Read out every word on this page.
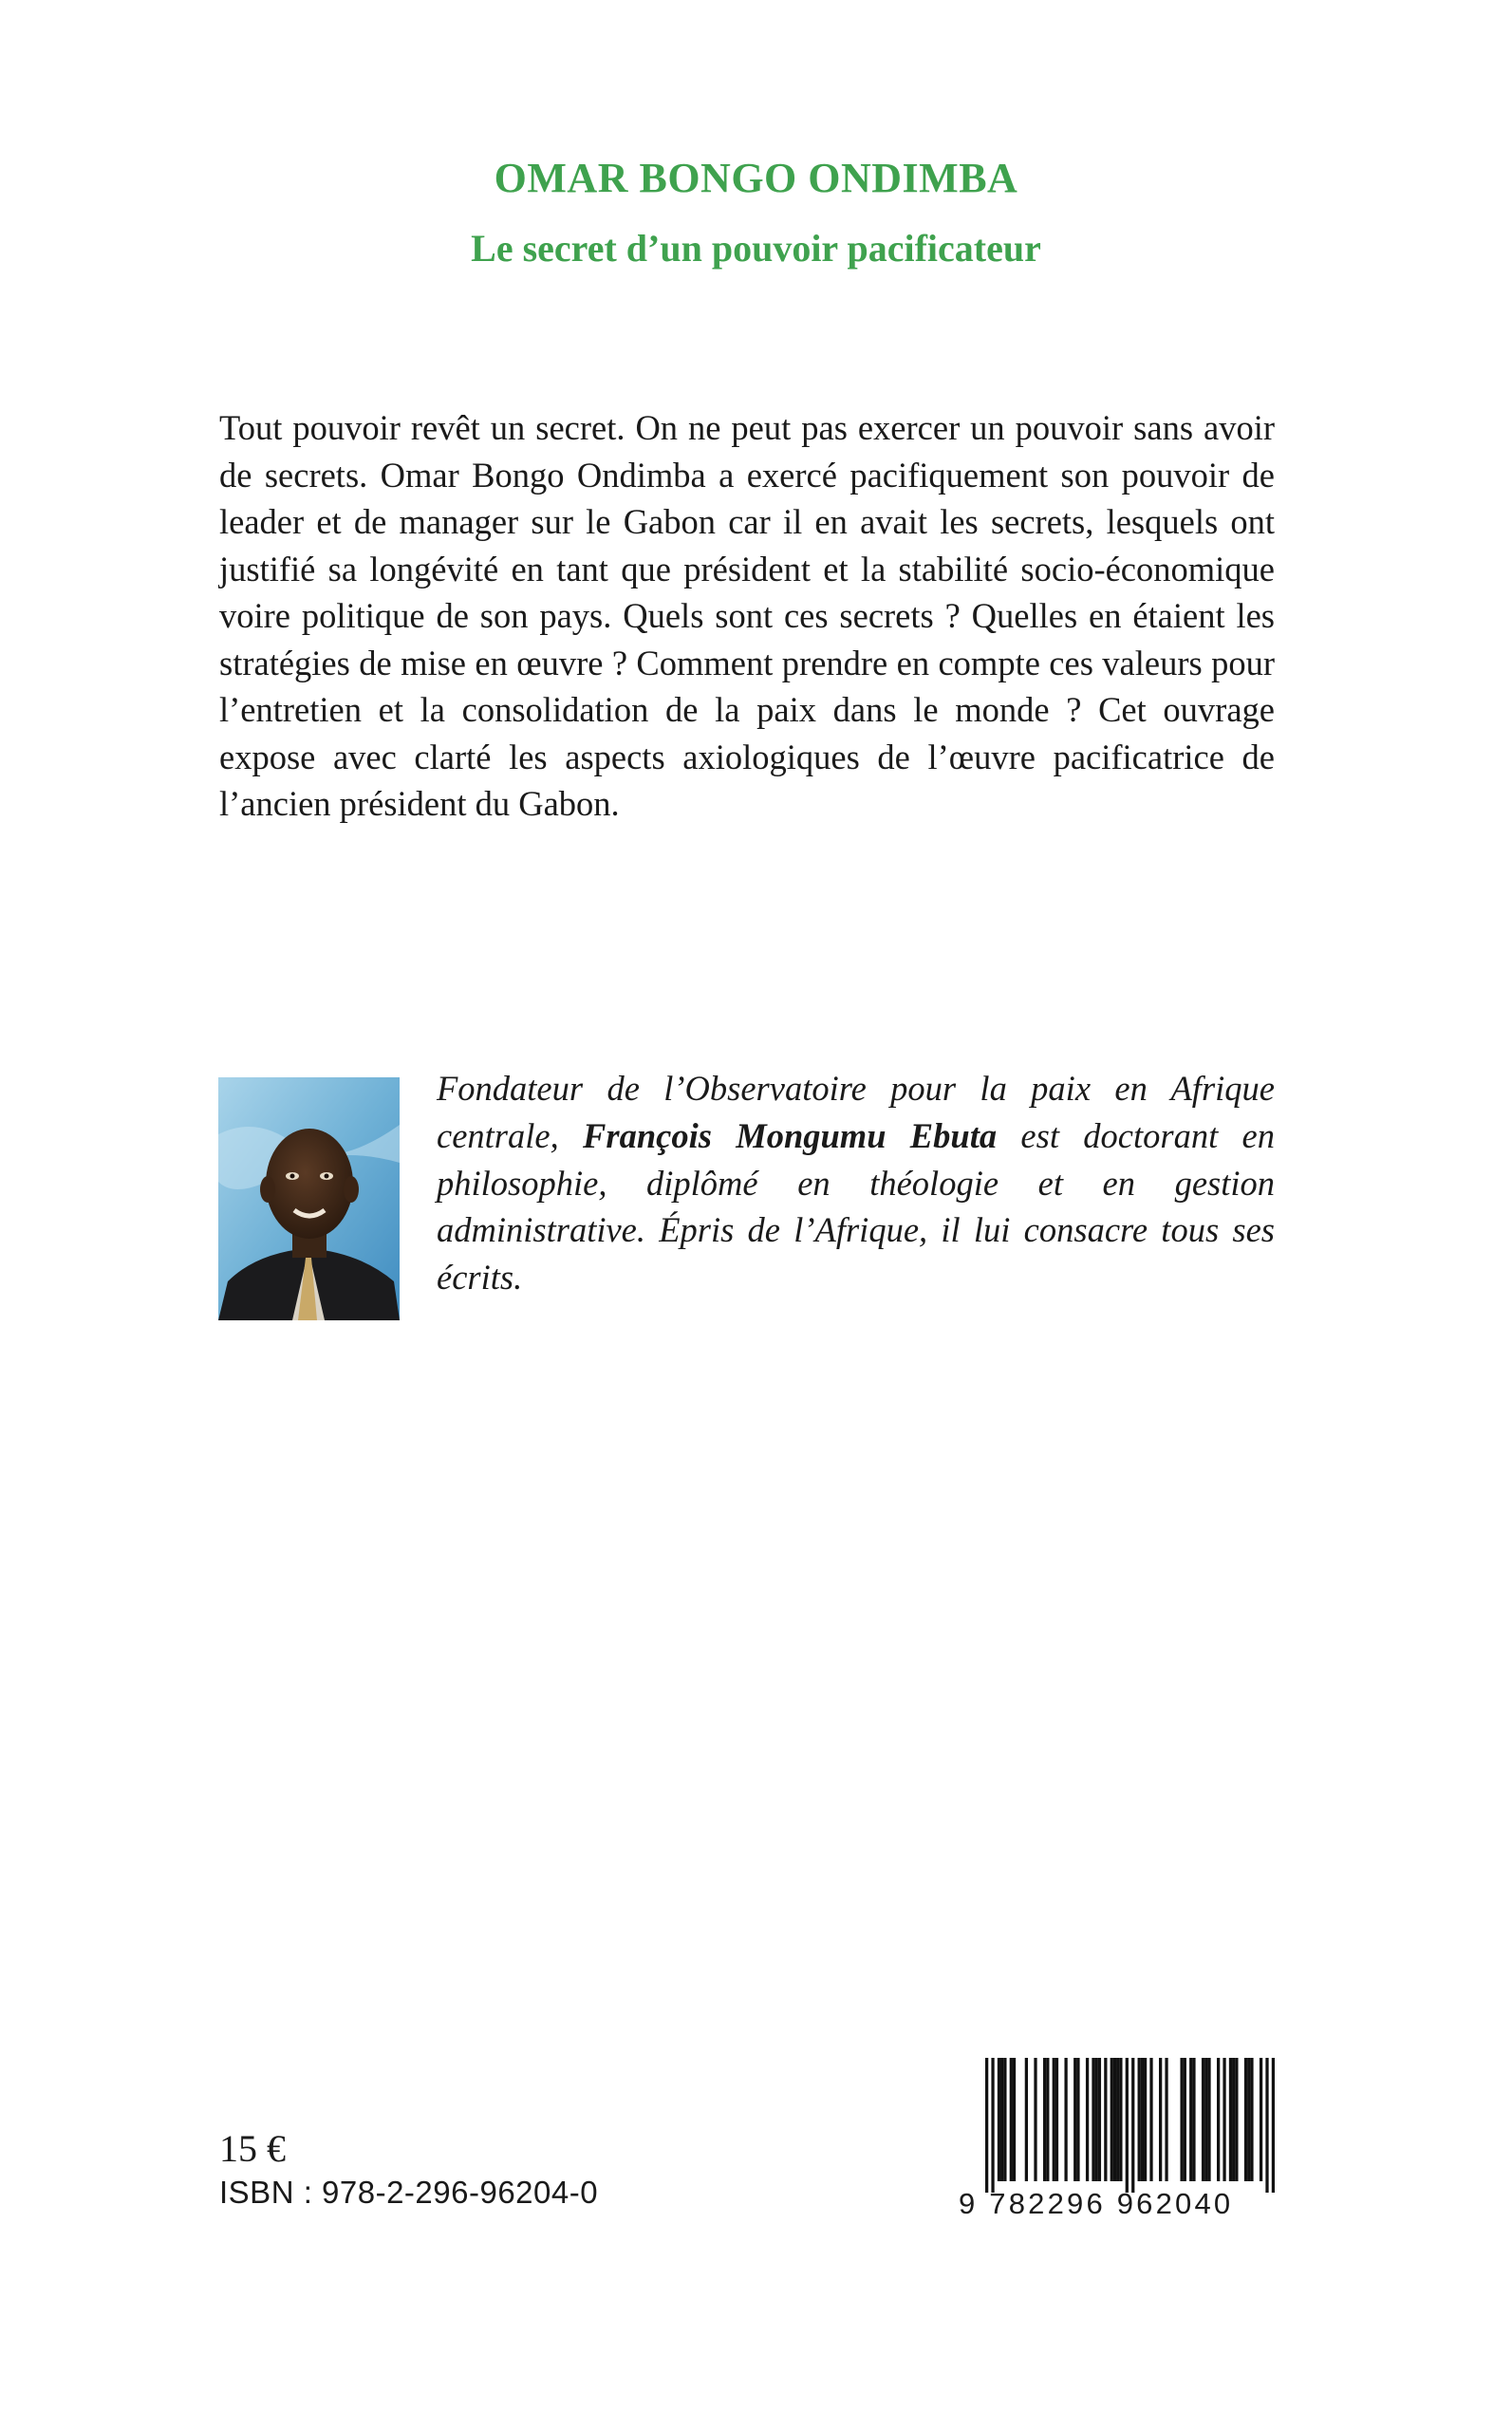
OMAR BONGO ONDIMBA
Le secret d’un pouvoir pacificateur

Tout pouvoir revêt un secret. On ne peut pas exercer un pouvoir sans avoir de secrets. Omar Bongo Ondimba a exercé pacifiquement son pouvoir de leader et de manager sur le Gabon car il en avait les secrets, lesquels ont justifié sa longévité en tant que président et la stabilité socio-économique voire politique de son pays. Quels sont ces secrets ? Quelles en étaient les stratégies de mise en œuvre ? Comment prendre en compte ces valeurs pour l’entretien et la consolidation de la paix dans le monde ? Cet ouvrage expose avec clarté les aspects axiologiques de l’œuvre pacificatrice de l’ancien président du Gabon.

Fondateur de l’Observatoire pour la paix en Afrique centrale, François Mongumu Ebuta est doctorant en philosophie, diplômé en théologie et en gestion administrative. Épris de l’Afrique, il lui consacre tous ses écrits.

15 €
ISBN : 978-2-296-96204-0	9 782296 962040
